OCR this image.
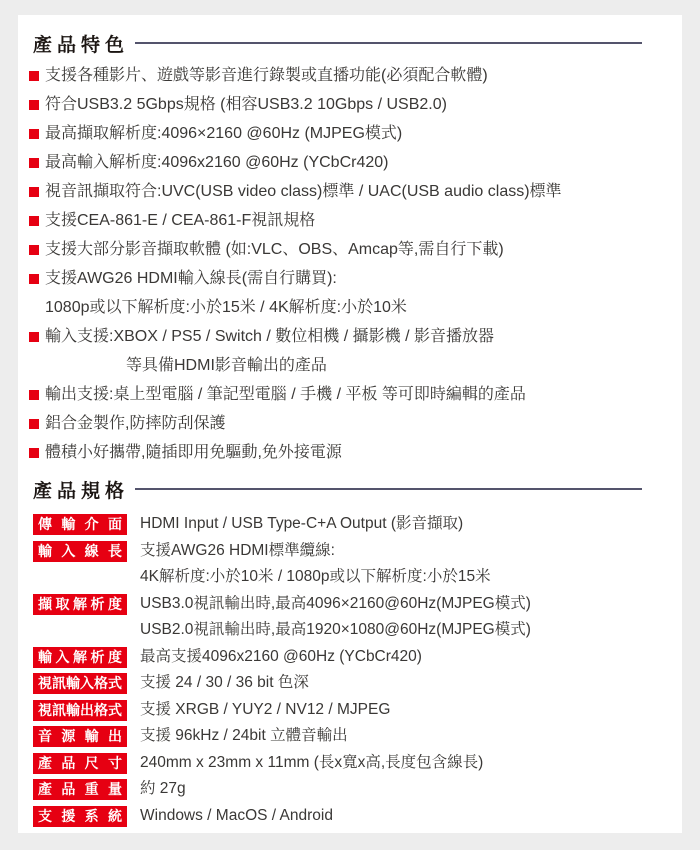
產品特色
支援各種影片、遊戲等影音進行錄製或直播功能(必須配合軟體)
符合USB3.2 5Gbps規格 (相容USB3.2 10Gbps / USB2.0)
最高擷取解析度:4096×2160 @60Hz (MJPEG模式)
最高輸入解析度:4096x2160 @60Hz (YCbCr420)
視音訊擷取符合:UVC(USB video class)標準 / UAC(USB audio class)標準
支援CEA-861-E / CEA-861-F視訊規格
支援大部分影音擷取軟體 (如:VLC、OBS、Amcap等,需自行下載)
支援AWG26 HDMI輸入線長(需自行購買):
1080p或以下解析度:小於15米 / 4K解析度:小於10米
輸入支援:XBOX / PS5 / Switch / 數位相機 / 攝影機 / 影音播放器
等具備HDMI影音輸出的產品
輸出支援:桌上型電腦 / 筆記型電腦 / 手機 / 平板 等可即時編輯的產品
鋁合金製作,防摔防刮保護
體積小好攜帶,隨插即用免驅動,免外接電源
產品規格
傳輸介面	HDMI Input / USB Type-C+A Output (影音擷取)
輸入線長	支援AWG26 HDMI標準纜線:
4K解析度:小於10米 / 1080p或以下解析度:小於15米
擷取解析度	USB3.0視訊輸出時,最高4096×2160@60Hz(MJPEG模式)
USB2.0視訊輸出時,最高1920×1080@60Hz(MJPEG模式)
輸入解析度	最高支援4096x2160 @60Hz (YCbCr420)
視訊輸入格式	支援 24 / 30 / 36 bit 色深
視訊輸出格式	支援 XRGB / YUY2 / NV12 / MJPEG
音源輸出	支援 96kHz / 24bit 立體音輸出
產品尺寸	240mm x 23mm x 11mm (長x寬x高,長度包含線長)
產品重量	約 27g
支援系統	Windows / MacOS / Android
